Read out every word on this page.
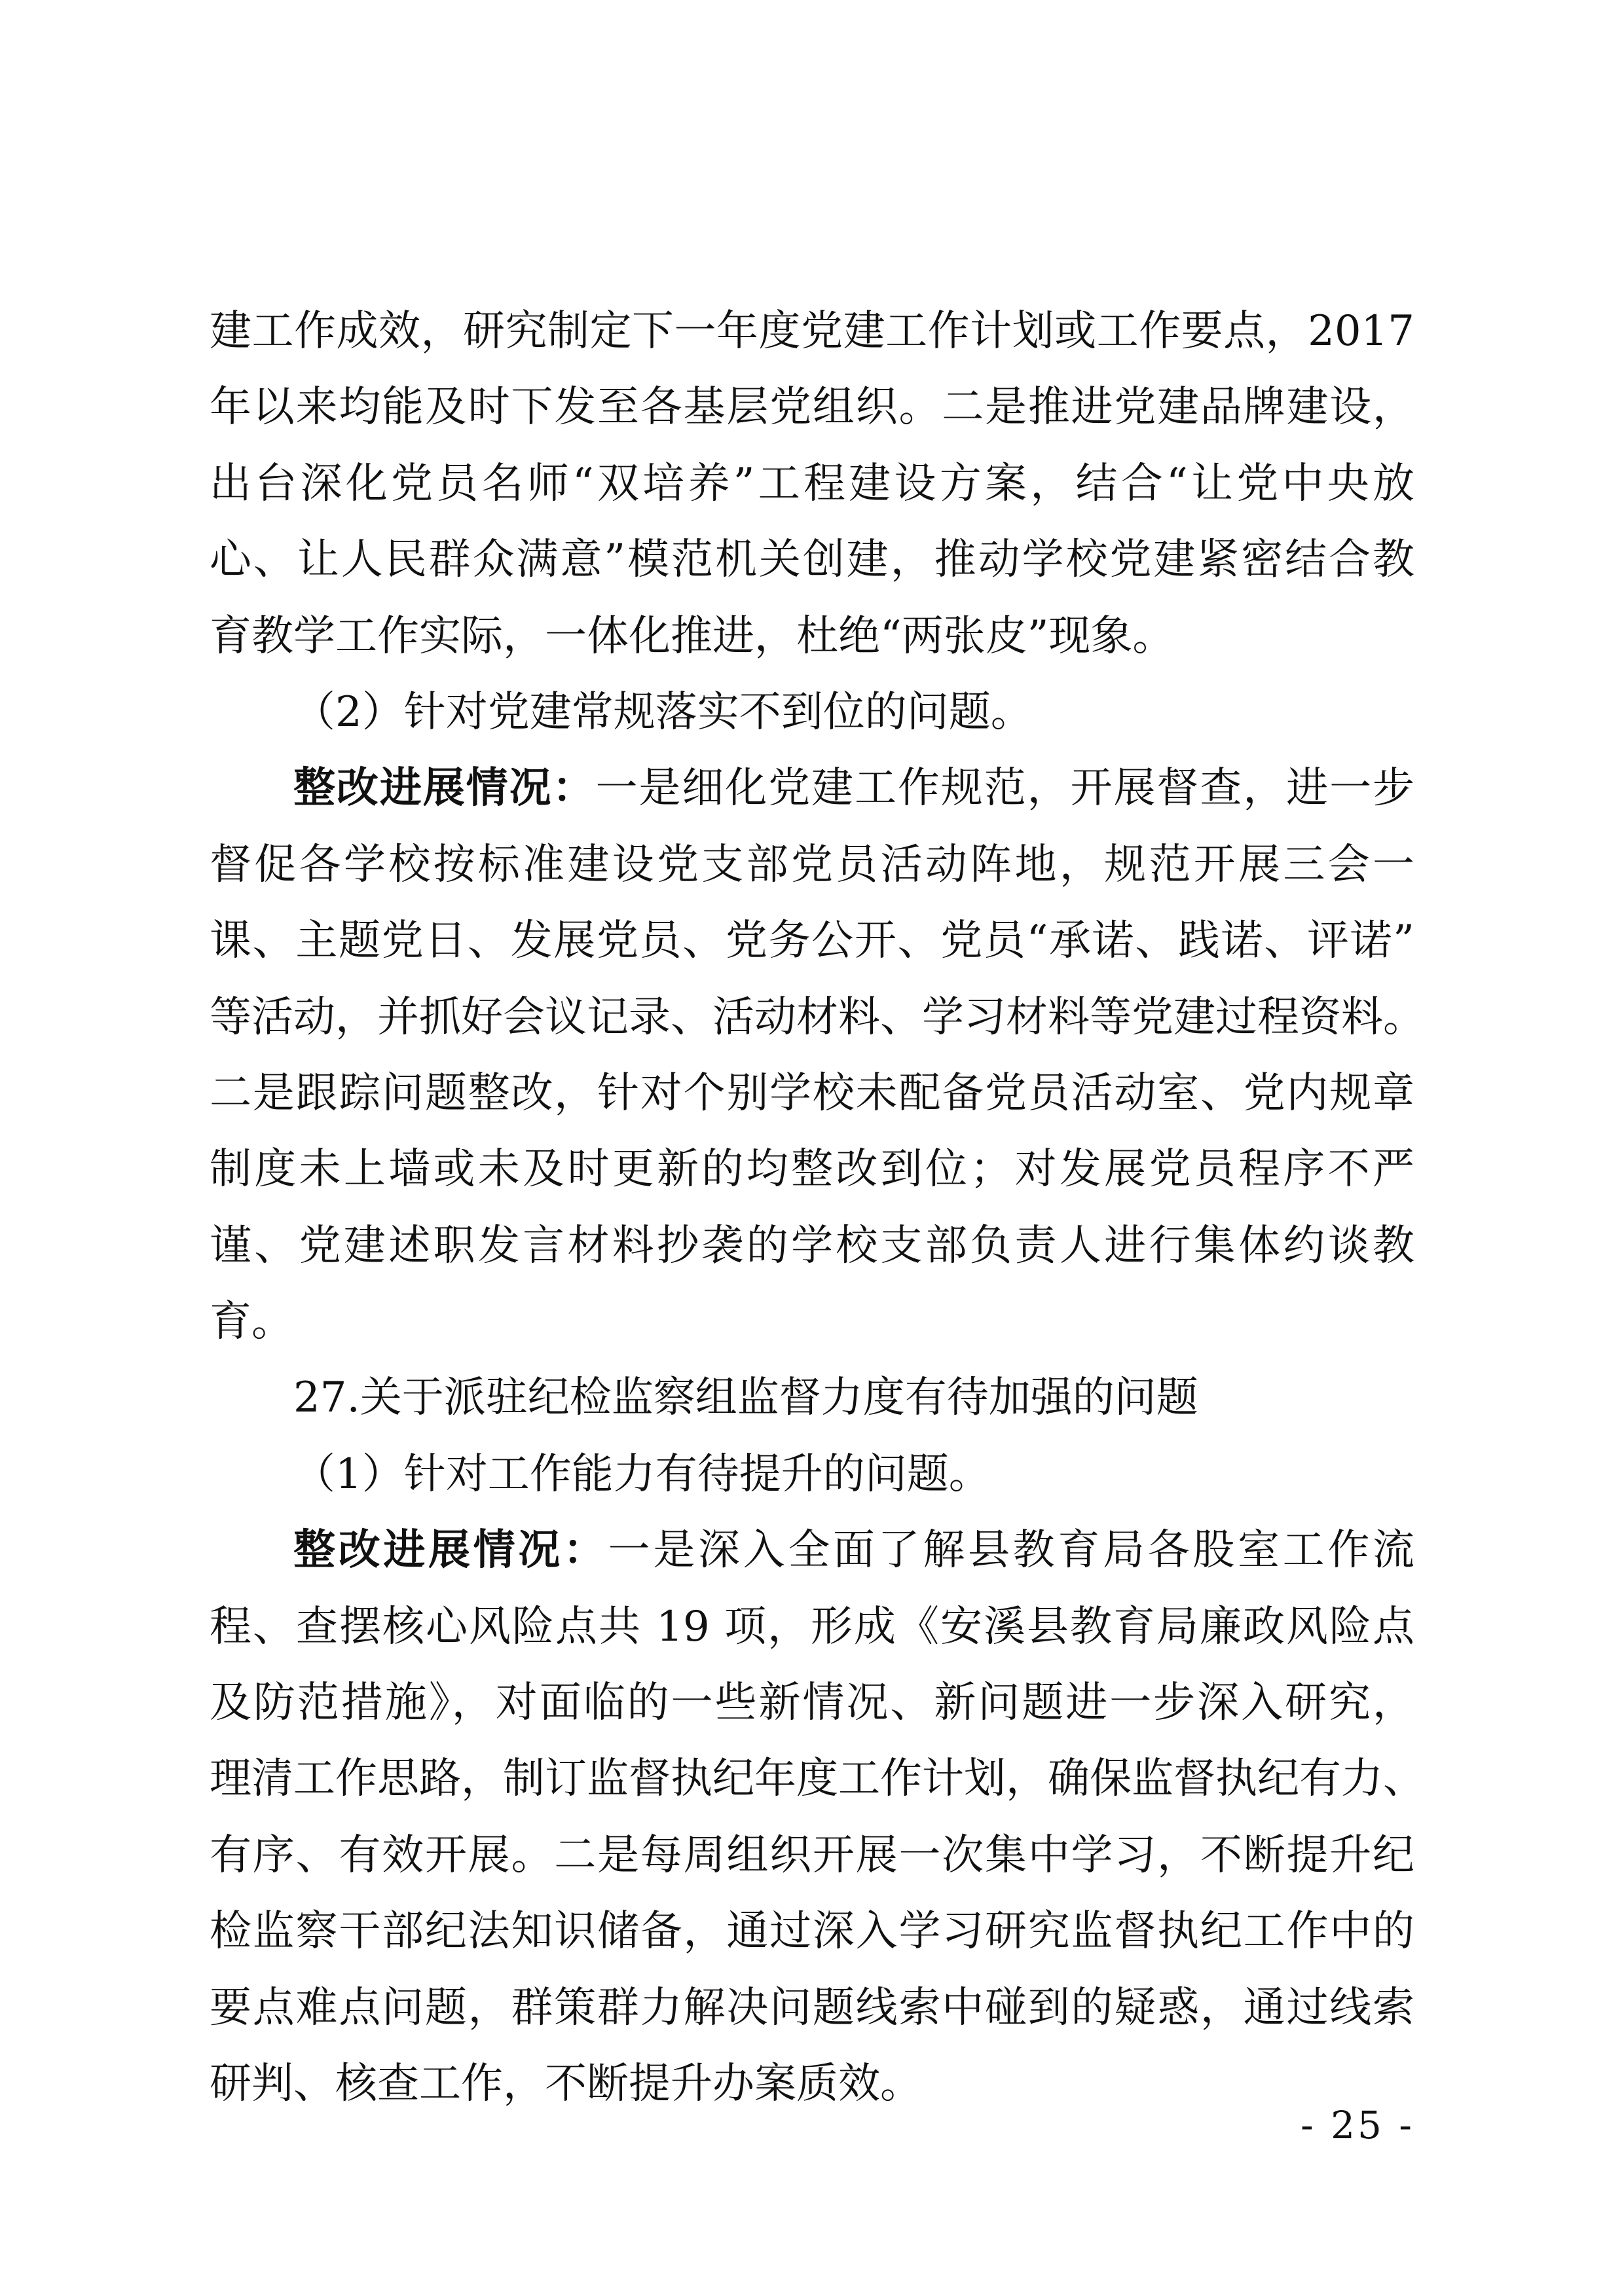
建工作成效，研究制定下一年度党建工作计划或工作要点，2017
年以来均能及时下发至各基层党组织。二是推进党建品牌建设，
出台深化党员名师“双培养”工程建设方案，结合“让党中央放
心、让人民群众满意”模范机关创建，推动学校党建紧密结合教
育教学工作实际，一体化推进，杜绝“两张皮”现象。
（2）针对党建常规落实不到位的问题。
整改进展情况：一是细化党建工作规范，开展督查，进一步
督促各学校按标准建设党支部党员活动阵地，规范开展三会一
课、主题党日、发展党员、党务公开、党员“承诺、践诺、评诺”
等活动，并抓好会议记录、活动材料、学习材料等党建过程资料。
二是跟踪问题整改，针对个别学校未配备党员活动室、党内规章
制度未上墙或未及时更新的均整改到位；对发展党员程序不严
谨、党建述职发言材料抄袭的学校支部负责人进行集体约谈教
育。
27.关于派驻纪检监察组监督力度有待加强的问题
（1）针对工作能力有待提升的问题。
整改进展情况：一是深入全面了解县教育局各股室工作流
程、查摆核心风险点共 19 项，形成《安溪县教育局廉政风险点
及防范措施》，对面临的一些新情况、新问题进一步深入研究，
理清工作思路，制订监督执纪年度工作计划，确保监督执纪有力、
有序、有效开展。二是每周组织开展一次集中学习，不断提升纪
检监察干部纪法知识储备，通过深入学习研究监督执纪工作中的
要点难点问题，群策群力解决问题线索中碰到的疑惑，通过线索
研判、核查工作，不断提升办案质效。
- 25 -
